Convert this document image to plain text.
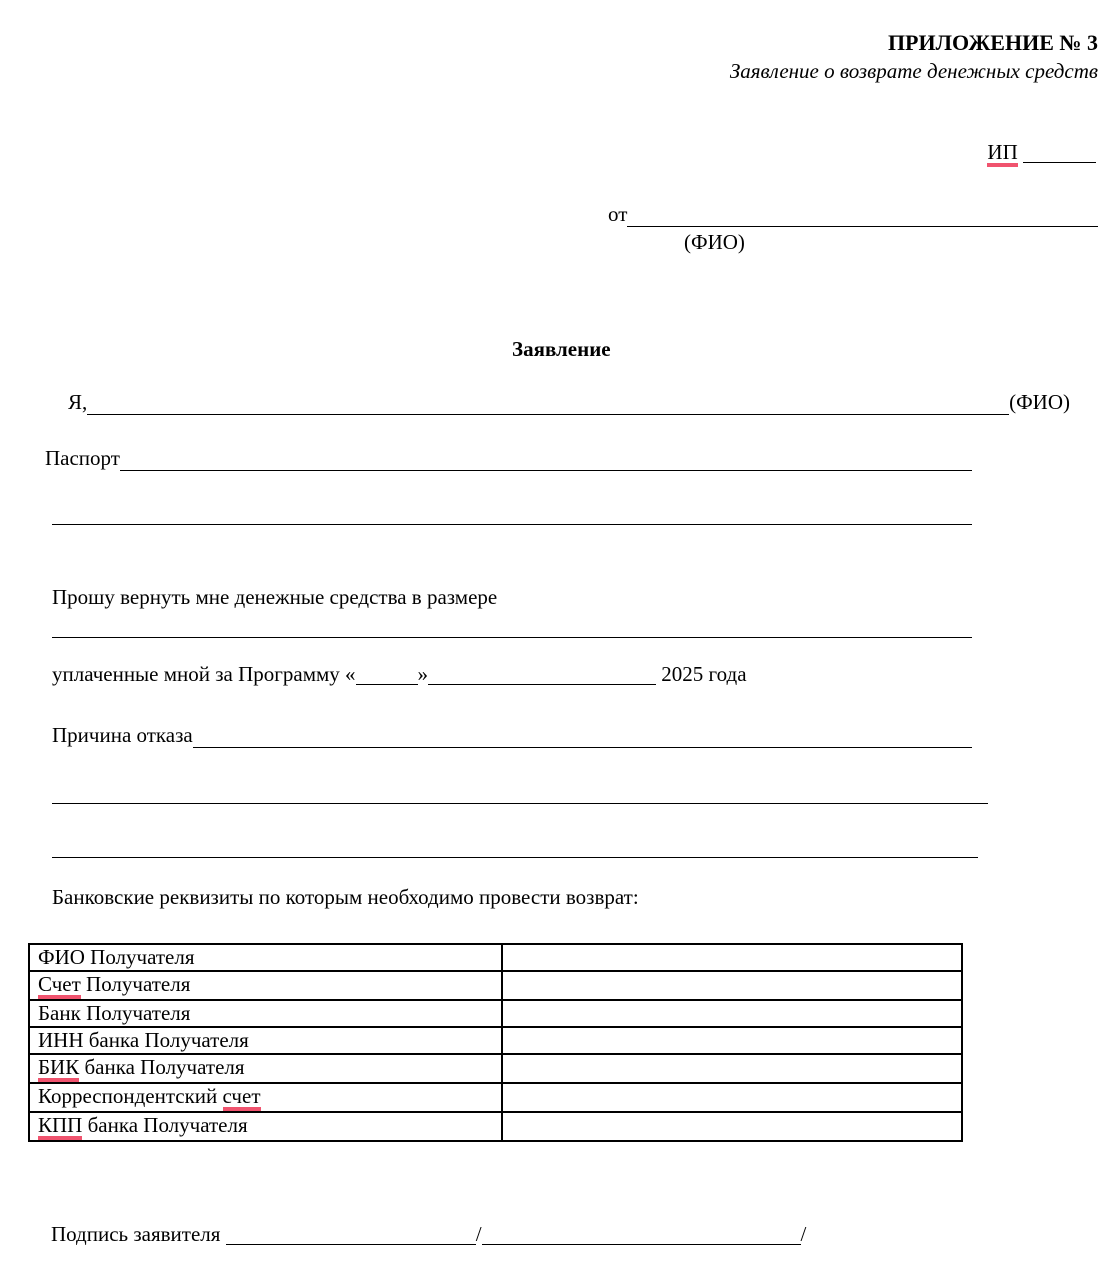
ПРИЛОЖЕНИЕ № 3
Заявление о возврате денежных средств
ИП
от
(ФИО)
Заявление
Я,	(ФИО)
Паспорт
Прошу вернуть мне денежные средства в размере
уплаченные мной за Программу «	»	2025 года
Причина отказа
Банковские реквизиты по которым необходимо провести возврат:
ФИО Получателя	
Счет Получателя	
Банк Получателя	
ИНН банка Получателя	
БИК банка Получателя	
Корреспондентский счет	
КПП банка Получателя	
Подпись заявителя	/	/
